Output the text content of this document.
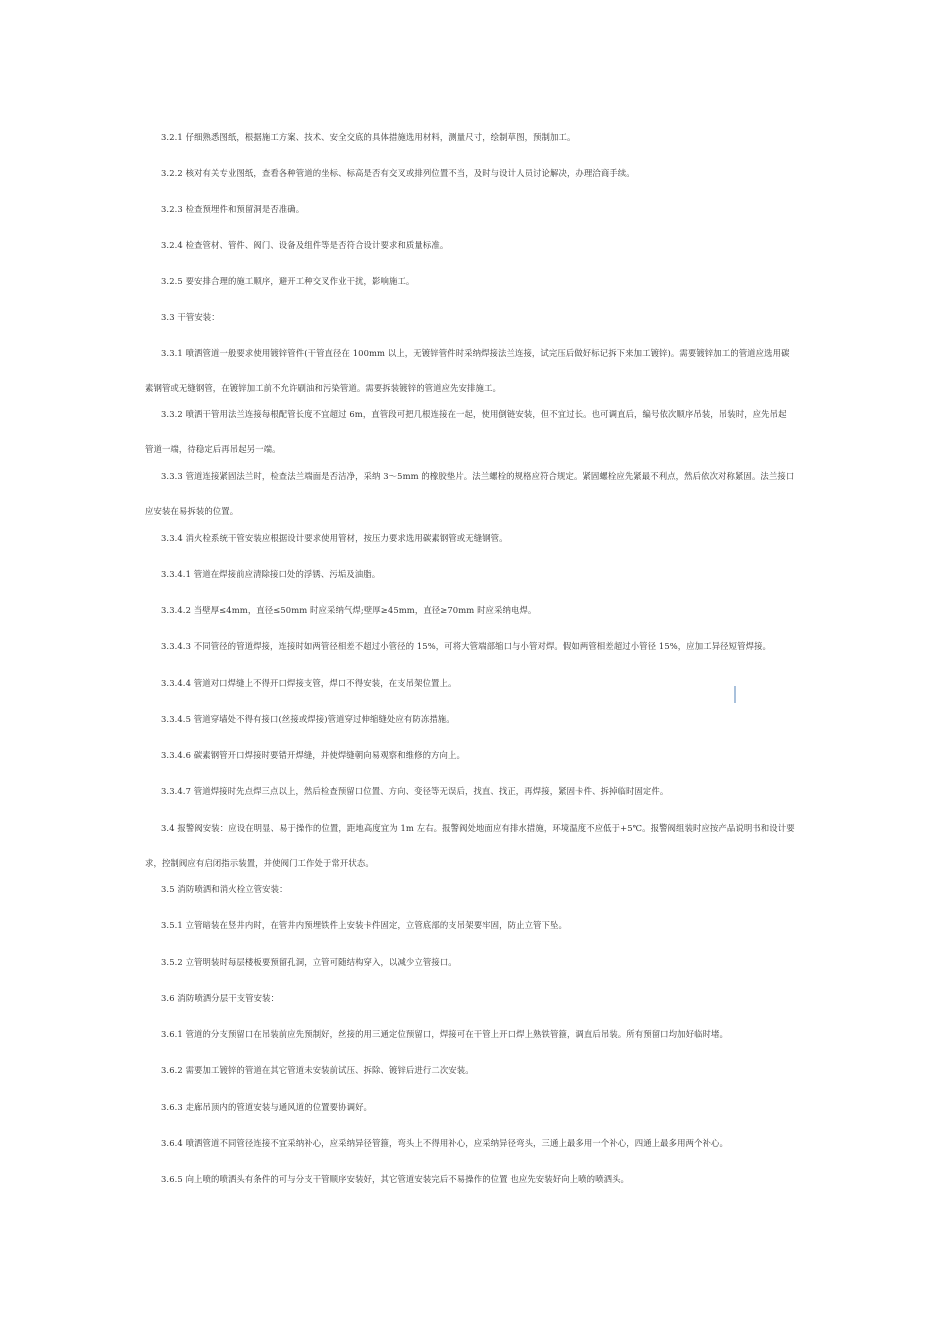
3.2.1 仔细熟悉图纸，根据施工方案、技术、安全交底的具体措施选用材料，测量尺寸，绘制草图，预制加工。
3.2.2 核对有关专业图纸，查看各种管道的坐标、标高是否有交叉或排列位置不当，及时与设计人员讨论解决，办理洽商手续。
3.2.3 检查预埋件和预留洞是否准确。
3.2.4 检查管材、管件、阀门、设备及组件等是否符合设计要求和质量标准。
3.2.5 要安排合理的施工顺序，避开工种交叉作业干扰，影响施工。
3.3 干管安装：
3.3.1 喷洒管道一般要求使用镀锌管件(干管直径在 100mm 以上，无镀锌管件时采纳焊接法兰连接，试完压后做好标记拆下来加工镀锌)。需要镀锌加工的管道应选用碳
素钢管或无缝钢管，在镀锌加工前不允许刷油和污染管道。需要拆装镀锌的管道应先安排施工。
3.3.2 喷洒干管用法兰连接每根配管长度不宜超过 6m，直管段可把几根连接在一起，使用倒链安装，但不宜过长。也可调直后，编号依次顺序吊装，吊装时，应先吊起
管道一端，待稳定后再吊起另一端。
3.3.3 管道连接紧固法兰时，检查法兰端面是否洁净，采纳 3～5mm 的橡胶垫片。法兰螺栓的规格应符合规定。紧固螺栓应先紧最不利点，然后依次对称紧固。法兰接口
应安装在易拆装的位置。
3.3.4 消火栓系统干管安装应根据设计要求使用管材，按压力要求选用碳素钢管或无缝钢管。
3.3.4.1 管道在焊接前应清除接口处的浮锈、污垢及油脂。
3.3.4.2 当壁厚≤4mm，直径≤50mm 时应采纳气焊;壁厚≥45mm，直径≥70mm 时应采纳电焊。
3.3.4.3 不同管径的管道焊接，连接时如两管径相差不超过小管径的 15%，可将大管端部缩口与小管对焊。假如两管相差超过小管径 15%，应加工异径短管焊接。
3.3.4.4 管道对口焊缝上不得开口焊接支管，焊口不得安装，在支吊架位置上。
3.3.4.5 管道穿墙处不得有接口(丝接或焊接)管道穿过伸缩缝处应有防冻措施。
3.3.4.6 碳素钢管开口焊接时要错开焊缝，并使焊缝朝向易观察和维修的方向上。
3.3.4.7 管道焊接时先点焊三点以上，然后检查预留口位置、方向、变径等无误后，找直、找正，再焊接，紧固卡件、拆掉临时固定件。
3.4 报警阀安装：应设在明显、易于操作的位置，距地高度宜为 1m 左右。报警阀处地面应有排水措施，环境温度不应低于+5℃。报警阀组装时应按产品说明书和设计要
求，控制阀应有启闭指示装置，并使阀门工作处于常开状态。
3.5 消防喷洒和消火栓立管安装：
3.5.1 立管暗装在竖井内时，在管井内预埋铁件上安装卡件固定，立管底部的支吊架要牢固，防止立管下坠。
3.5.2 立管明装时每层楼板要预留孔洞，立管可随结构穿入，以减少立管接口。
3.6 消防喷洒分层干支管安装：
3.6.1 管道的分支预留口在吊装前应先预制好，丝接的用三通定位预留口，焊接可在干管上开口焊上熟铁管箍，调直后吊装。所有预留口均加好临时堵。
3.6.2 需要加工镀锌的管道在其它管道未安装前试压、拆除、镀锌后进行二次安装。
3.6.3 走廊吊顶内的管道安装与通风道的位置要协调好。
3.6.4 喷洒管道不同管径连接不宜采纳补心，应采纳异径管箍，弯头上不得用补心，应采纳异径弯头，三通上最多用一个补心，四通上最多用两个补心。
3.6.5 向上喷的喷洒头有条件的可与分支干管顺序安装好，其它管道安装完后不易操作的位置 也应先安装好向上喷的喷洒头。
